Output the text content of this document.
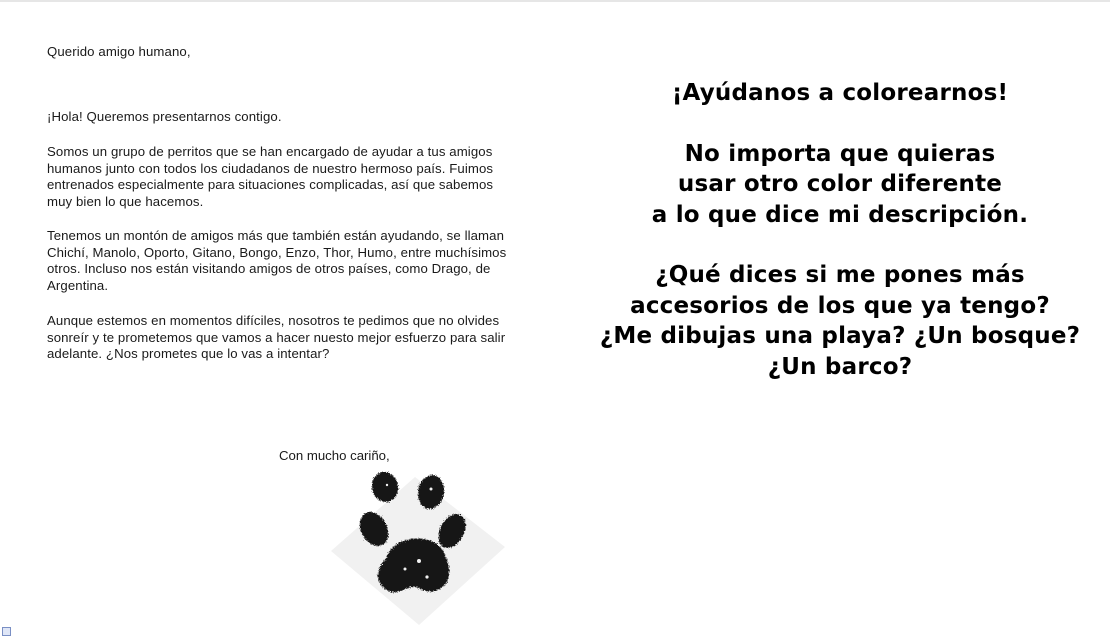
Querido amigo humano,

¡Hola! Queremos presentarnos contigo.

Somos un grupo de perritos que se han encargado de ayudar a tus amigos humanos junto con todos los ciudadanos de nuestro hermoso país. Fuimos entrenados especialmente para situaciones complicadas, así que sabemos muy bien lo que hacemos.

Tenemos un montón de amigos más que también están ayudando, se llaman Chichí, Manolo, Oporto, Gitano, Bongo, Enzo, Thor, Humo, entre muchísimos otros. Incluso nos están visitando amigos de otros países, como Drago, de Argentina.

Aunque estemos en momentos difíciles, nosotros te pedimos que no olvides sonreír y te prometemos que vamos a hacer nuesto mejor esfuerzo para salir adelante. ¿Nos prometes que lo vas a intentar?

Con mucho cariño,
¡Ayúdanos a colorearnos!
No importa que quieras
usar otro color diferente
a lo que dice mi descripción.
¿Qué dices si me pones más
accesorios de los que ya tengo?
¿Me dibujas una playa? ¿Un bosque?
¿Un barco?
